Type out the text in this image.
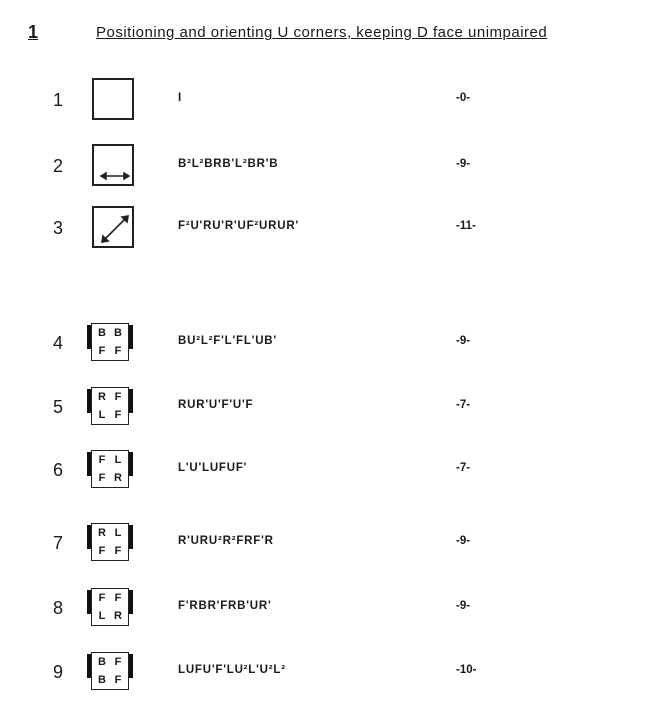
1	Positioning and orienting U corners, keeping D face unimpaired
1	I	-0-
2	B²L²BRB'L²BR'B	-9-
3	F²U'RU'R'UF²URUR'	-11-
4	B B
F F
BU²L²F'L'FL'UB'	-9-
5	R F
L F
RUR'U'F'U'F	-7-
6	F L
F R
L'U'LUFUF'	-7-
7	R L
F F
R'URU²R²FRF'R	-9-
8	F F
L R
F'RBR'FRB'UR'	-9-
9	B F
B F
LUFU'F'LU²L'U²L²	-10-
